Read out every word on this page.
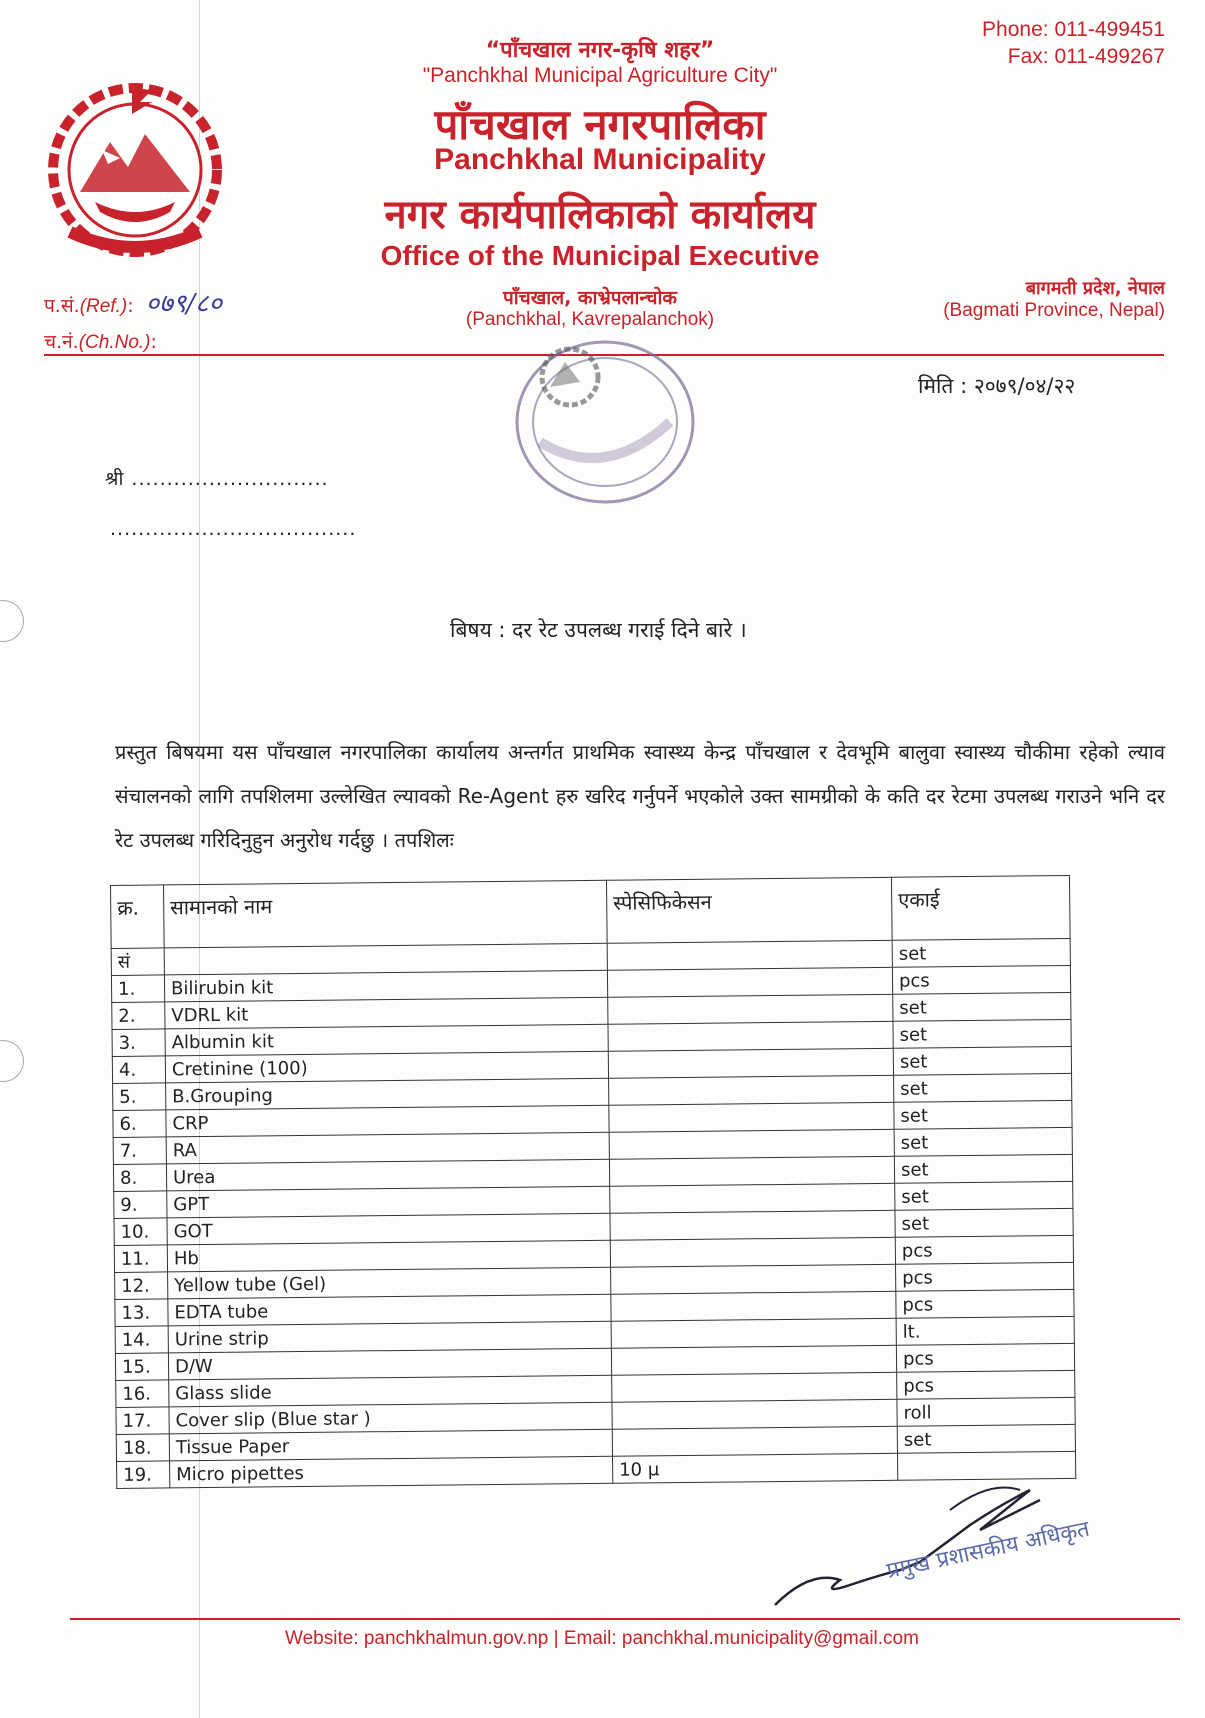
“पाँचखाल नगर-कृषि शहर”
"Panchkhal Municipal Agriculture City"
पाँचखाल नगरपालिका
Panchkhal Municipality
नगर कार्यपालिकाको कार्यालय
Office of the Municipal Executive
पाँचखाल, काभ्रेपलान्चोक
(Panchkhal, Kavrepalanchok)
Phone: 011-499451
Fax: 011-499267
बागमती प्रदेश, नेपाल
(Bagmati Province, Nepal)
प.सं.(Ref.): ०७९/८०
च.नं.(Ch.No.):
मिति : २०७९/०४/२२
श्री ............................
...................................
बिषय : दर रेट उपलब्ध गराई दिने बारे ।
प्रस्तुत बिषयमा यस पाँचखाल नगरपालिका कार्यालय अन्तर्गत प्राथमिक स्वास्थ्य केन्द्र पाँचखाल र देवभूमि बालुवा स्वास्थ्य चौकीमा रहेको ल्याव संचालनको लागि तपशिलमा उल्लेखित ल्यावको Re-Agent हरु खरिद गर्नुपर्ने भएकोले उक्त सामग्रीको के कति दर रेटमा उपलब्ध गराउने भनि दर रेट उपलब्ध गरिदिनुहुन अनुरोध गर्दछु । तपशिलः
क्र.	सामानको नाम	स्पेसिफिकेसन	एकाई
सं			set
1.	Bilirubin kit		pcs
2.	VDRL kit		set
3.	Albumin kit		set
4.	Cretinine (100)		set
5.	B.Grouping		set
6.	CRP		set
7.	RA		set
8.	Urea		set
9.	GPT		set
10.	GOT		set
11.	Hb		pcs
12.	Yellow tube (Gel)		pcs
13.	EDTA tube		pcs
14.	Urine strip		lt.
15.	D/W		pcs
16.	Glass slide		pcs
17.	Cover slip (Blue star )		roll
18.	Tissue Paper		set
19.	Micro pipettes	10 µ	
प्रमुख प्रशासकीय अधिकृत
Website: panchkhalmun.gov.np | Email: panchkhal.municipality@gmail.com
